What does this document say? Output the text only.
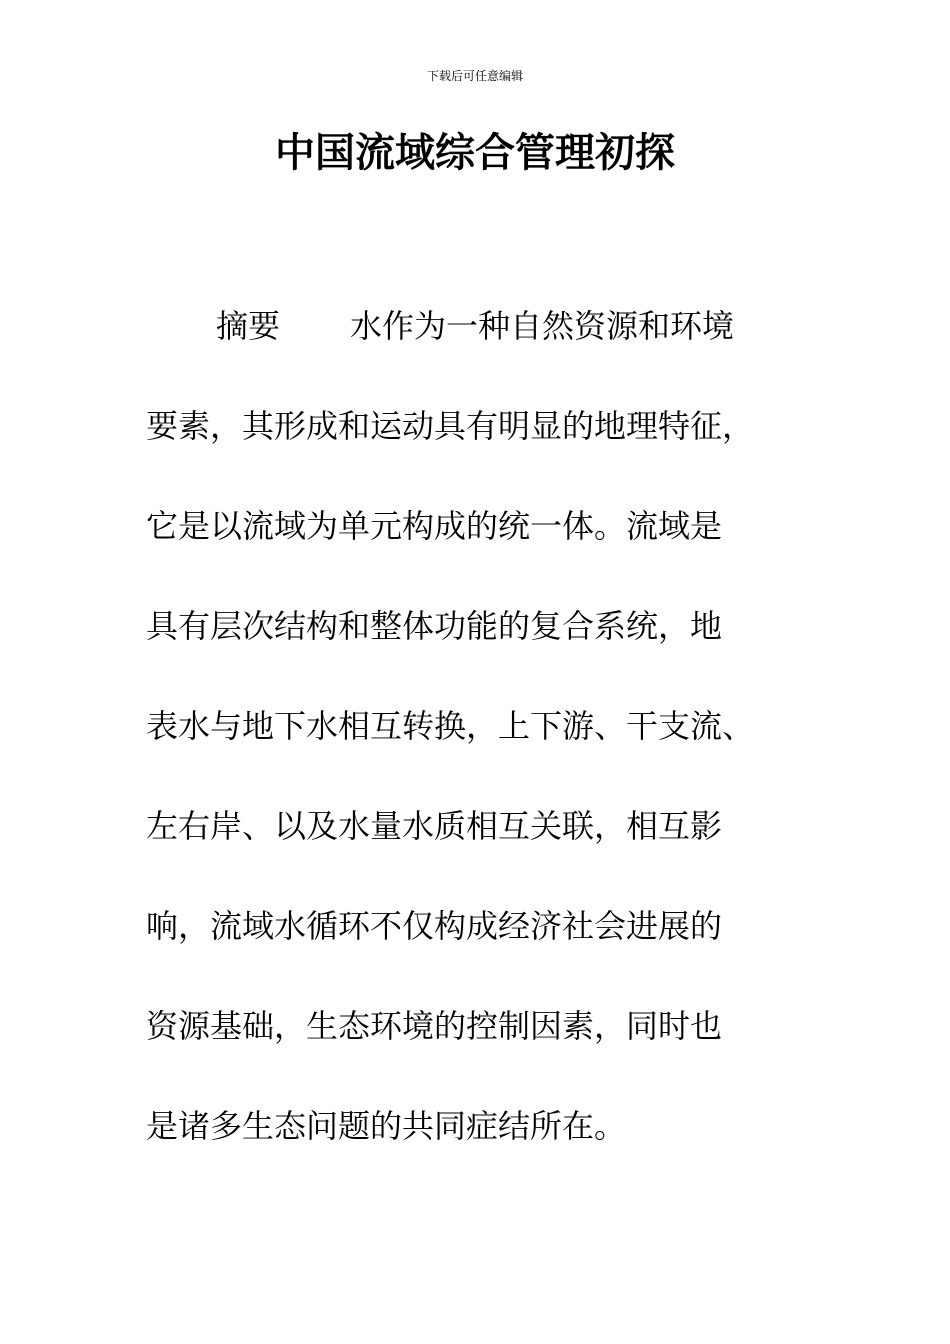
下载后可任意编辑
中国流域综合管理初探
摘要 水作为一种自然资源和环境
要素，其形成和运动具有明显的地理特征，
它是以流域为单元构成的统一体。流域是
具有层次结构和整体功能的复合系统，地
表水与地下水相互转换，上下游、干支流、
左右岸、以及水量水质相互关联，相互影
响，流域水循环不仅构成经济社会进展的
资源基础，生态环境的控制因素，同时也
是诸多生态问题的共同症结所在。
